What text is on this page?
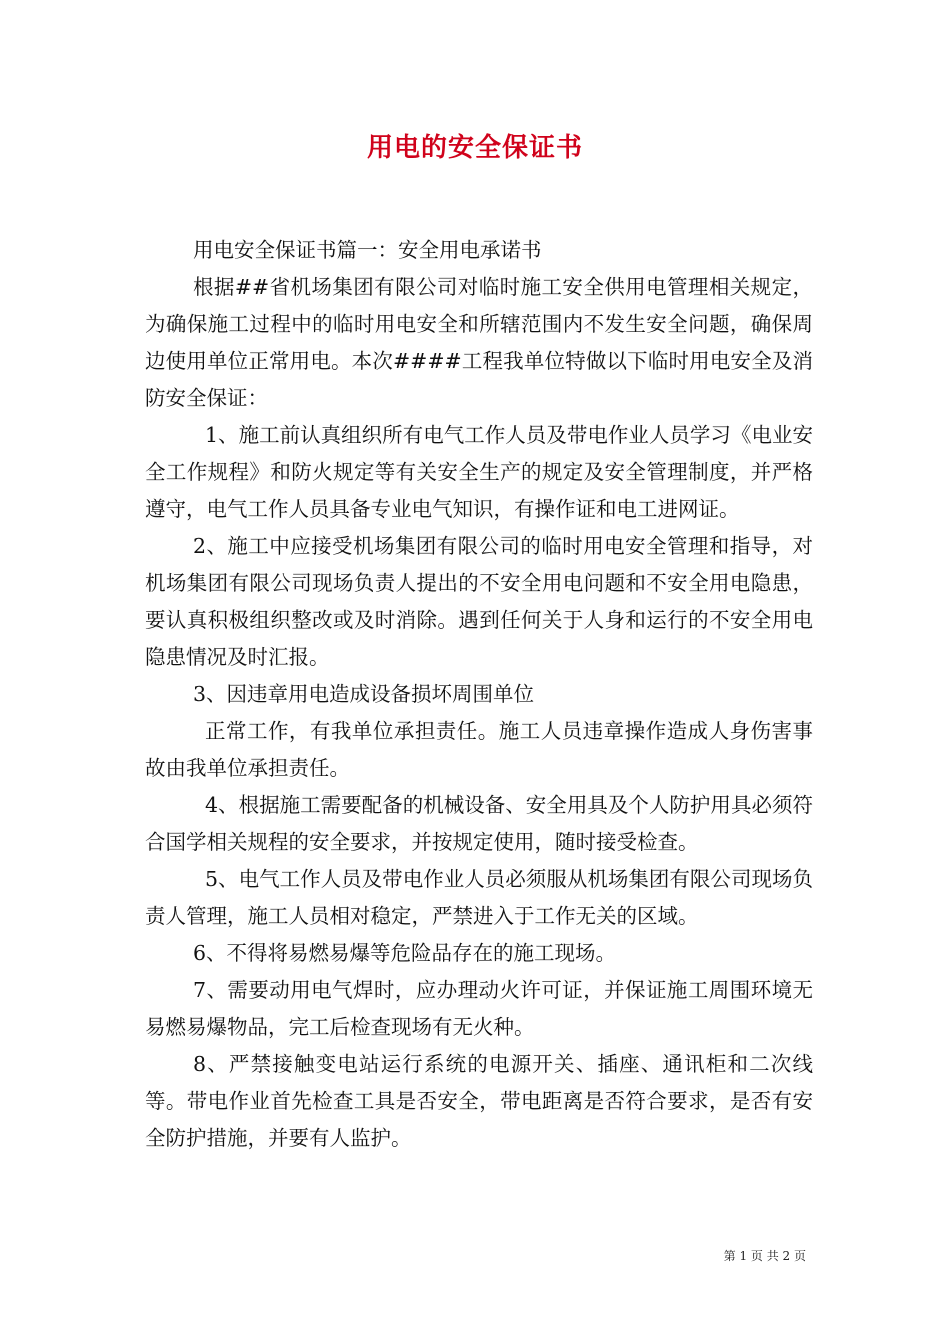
用电的安全保证书

用电安全保证书篇一：安全用电承诺书

根据##省机场集团有限公司对临时施工安全供用电管理相关规定，为确保施工过程中的临时用电安全和所辖范围内不发生安全问题，确保周边使用单位正常用电。本次####工程我单位特做以下临时用电安全及消防安全保证：

1、施工前认真组织所有电气工作人员及带电作业人员学习《电业安全工作规程》和防火规定等有关安全生产的规定及安全管理制度，并严格遵守，电气工作人员具备专业电气知识，有操作证和电工进网证。

2、施工中应接受机场集团有限公司的临时用电安全管理和指导，对机场集团有限公司现场负责人提出的不安全用电问题和不安全用电隐患，要认真积极组织整改或及时消除。遇到任何关于人身和运行的不安全用电隐患情况及时汇报。

3、因违章用电造成设备损坏周围单位

正常工作，有我单位承担责任。施工人员违章操作造成人身伤害事故由我单位承担责任。

4、根据施工需要配备的机械设备、安全用具及个人防护用具必须符合国学相关规程的安全要求，并按规定使用，随时接受检查。

5、电气工作人员及带电作业人员必须服从机场集团有限公司现场负责人管理，施工人员相对稳定，严禁进入于工作无关的区域。

6、不得将易燃易爆等危险品存在的施工现场。

7、需要动用电气焊时，应办理动火许可证，并保证施工周围环境无易燃易爆物品，完工后检查现场有无火种。

8、严禁接触变电站运行系统的电源开关、插座、通讯柜和二次线等。带电作业首先检查工具是否安全，带电距离是否符合要求，是否有安全防护措施，并要有人监护。

第 1 页 共 2 页
